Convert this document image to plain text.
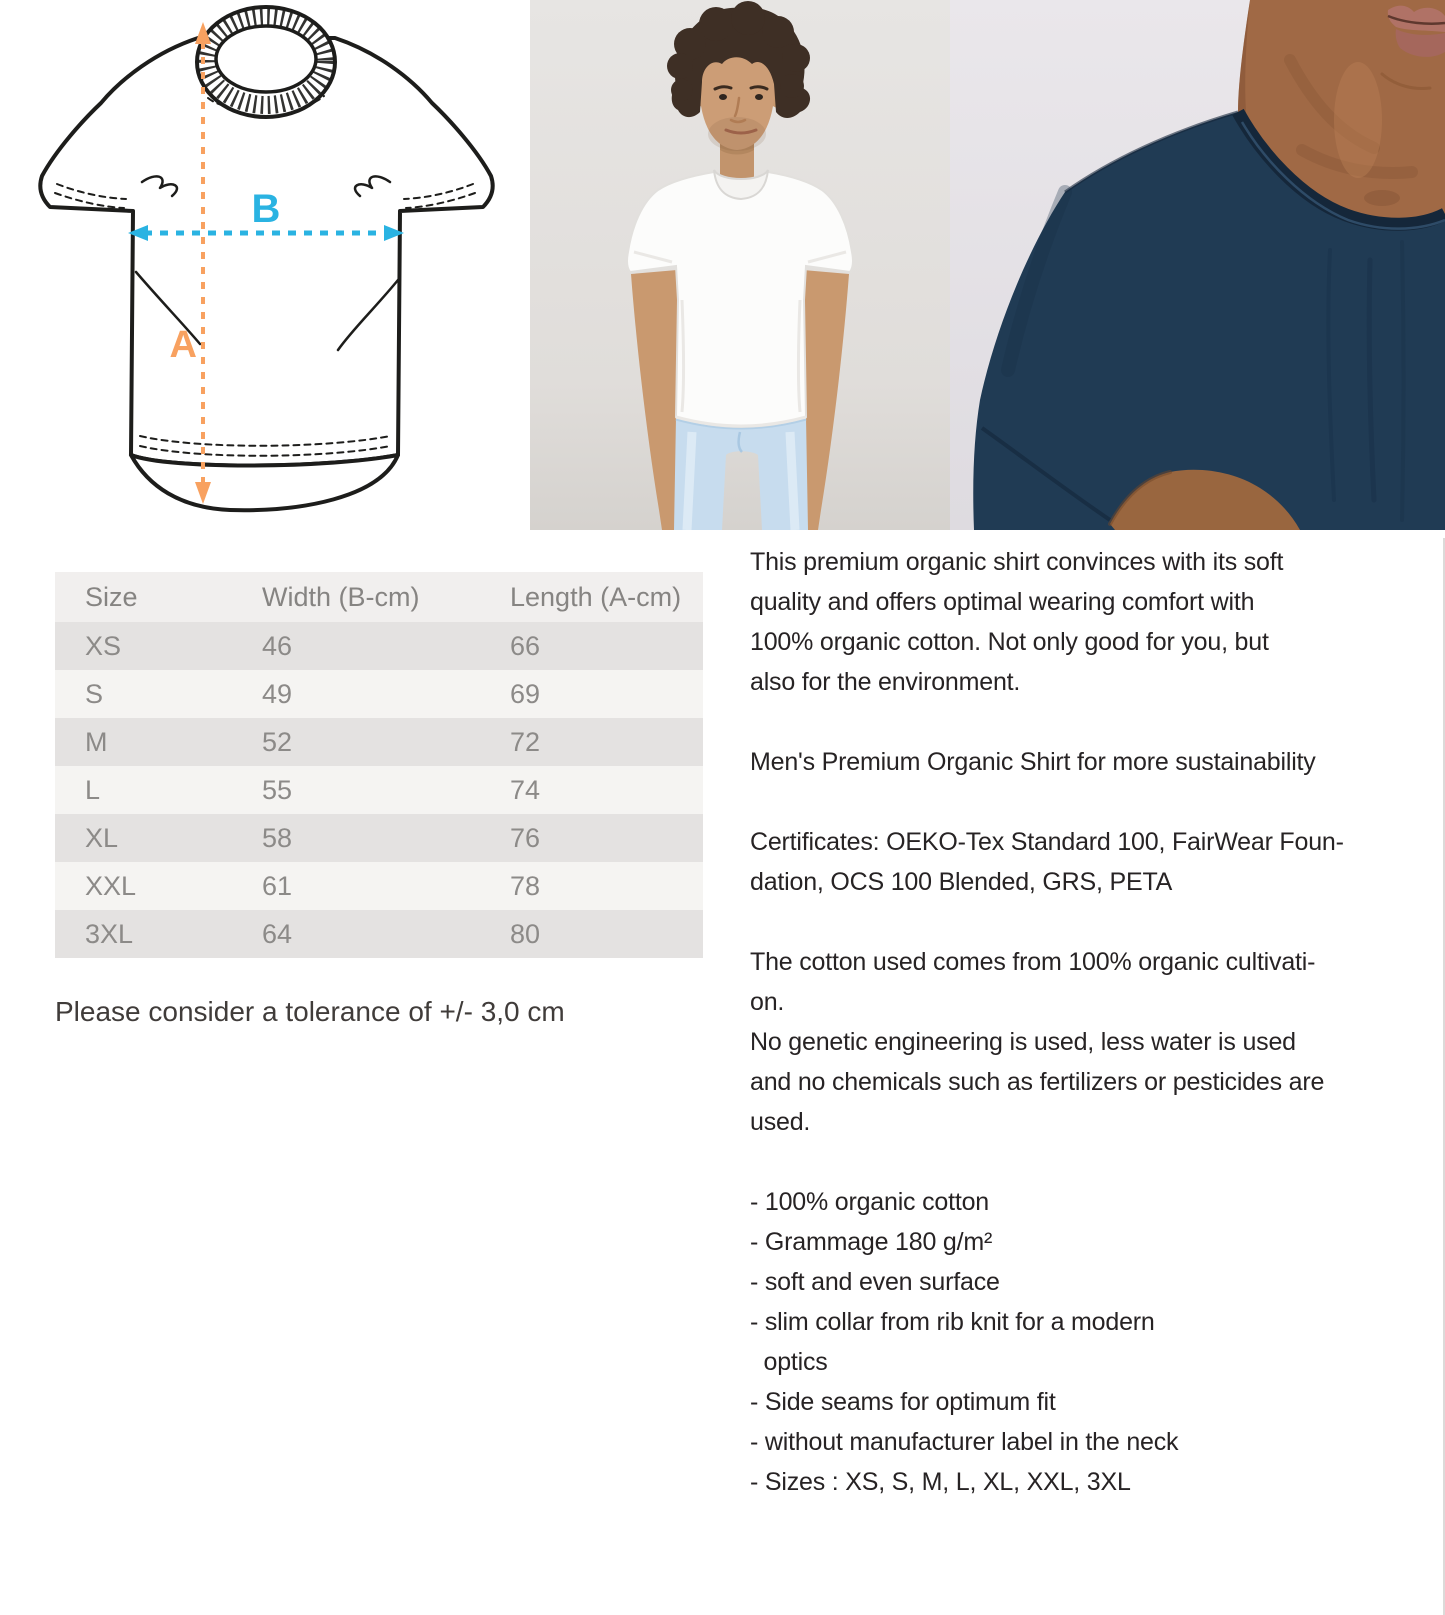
A
B
Size	Width (B-cm)	Length (A-cm)
XS	46	66
S	49	69
M	52	72
L	55	74
XL	58	76
XXL	61	78
3XL	64	80

Please consider a tolerance of +/- 3,0 cm

This premium organic shirt convinces with its soft
quality and offers optimal wearing comfort with
100% organic cotton. Not only good for you, but
also for the environment.
Men's Premium Organic Shirt for more sustainability
Certificates: OEKO-Tex Standard 100, FairWear Foun-
dation, OCS 100 Blended, GRS, PETA
The cotton used comes from 100% organic cultivati-
on.
No genetic engineering is used, less water is used
and no chemicals such as fertilizers or pesticides are
used.
- 100% organic cotton
- Grammage 180 g/m²
- soft and even surface
- slim collar from rib knit for a modern
optics
- Side seams for optimum fit
- without manufacturer label in the neck
- Sizes : XS, S, M, L, XL, XXL, 3XL
